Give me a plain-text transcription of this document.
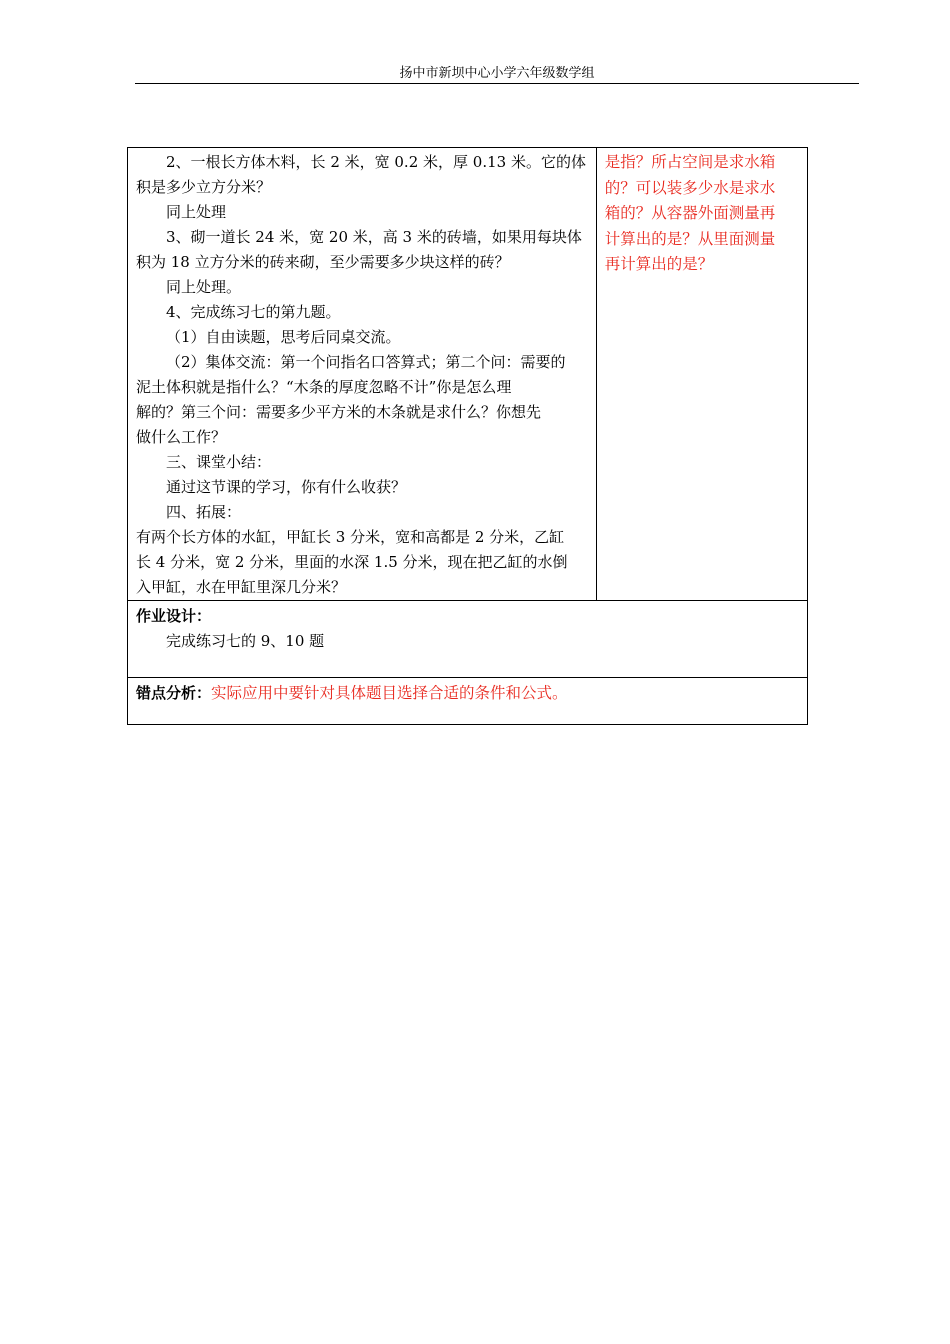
扬中市新坝中心小学六年级数学组

2、一根长方体木料，长 2 米，宽 0.2 米，厚 0.13 米。它的体

积是多少立方分米？

同上处理

3、砌一道长 24 米，宽 20 米，高 3 米的砖墙，如果用每块体

积为 18 立方分米的砖来砌，至少需要多少块这样的砖？

同上处理。

4、完成练习七的第九题。

（1）自由读题，思考后同桌交流。

（2）集体交流：第一个问指名口答算式；第二个问：需要的

泥土体积就是指什么？“木条的厚度忽略不计”你是怎么理

解的？第三个问：需要多少平方米的木条就是求什么？你想先

做什么工作？

三、课堂小结：

通过这节课的学习，你有什么收获？

四、拓展：

有两个长方体的水缸，甲缸长 3 分米，宽和高都是 2 分米，乙缸

长 4 分米，宽 2 分米，里面的水深 1.5 分米，现在把乙缸的水倒

入甲缸，水在甲缸里深几分米？

是指？所占空间是求水箱

的？可以装多少水是求水

箱的？从容器外面测量再

计算出的是？从里面测量

再计算出的是？

作业设计：

完成练习七的 9、10 题

错点分析：实际应用中要针对具体题目选择合适的条件和公式。
